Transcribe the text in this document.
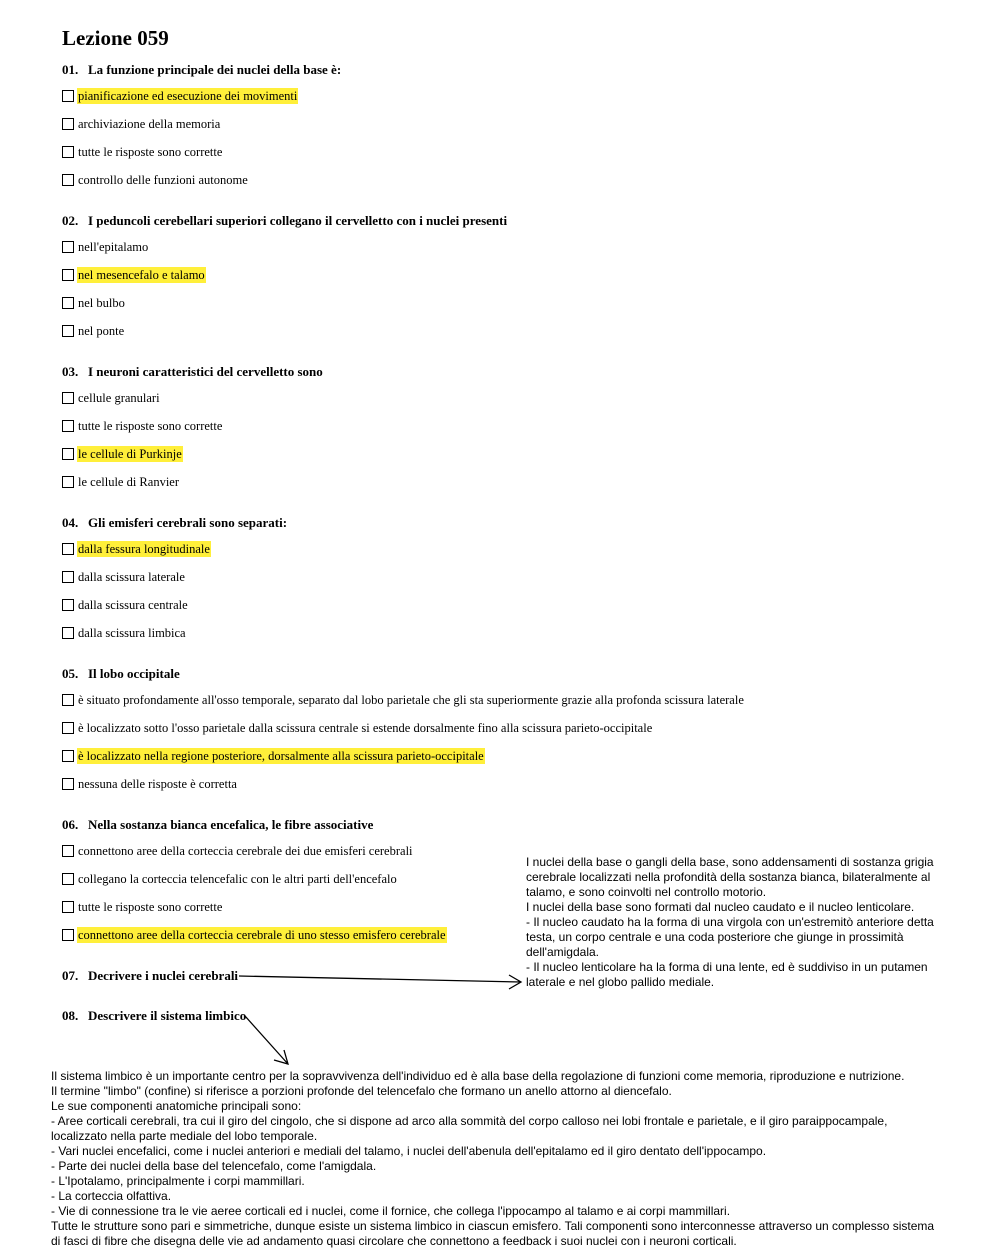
Lezione 059
01. La funzione principale dei nuclei della base è:
pianificazione ed esecuzione dei movimenti
archiviazione della memoria
tutte le risposte sono corrette
controllo delle funzioni autonome
02. I peduncoli cerebellari superiori collegano il cervelletto con i nuclei presenti
nell'epitalamo
nel mesencefalo e talamo
nel bulbo
nel ponte
03. I neuroni caratteristici del cervelletto sono
cellule granulari
tutte le risposte sono corrette
le cellule di Purkinje
le cellule di Ranvier
04. Gli emisferi cerebrali sono separati:
dalla fessura longitudinale
dalla scissura laterale
dalla scissura centrale
dalla scissura limbica
05. Il lobo occipitale
è situato profondamente all'osso temporale, separato dal lobo parietale che gli sta superiormente grazie alla profonda scissura laterale
è localizzato sotto l'osso parietale dalla scissura centrale si estende dorsalmente fino alla scissura parieto-occipitale
è localizzato nella regione posteriore, dorsalmente alla scissura parieto-occipitale
nessuna delle risposte è corretta
06. Nella sostanza bianca encefalica, le fibre associative
connettono aree della corteccia cerebrale dei due emisferi cerebrali
collegano la corteccia telencefalic con le altri parti dell'encefalo
tutte le risposte sono corrette
connettono aree della corteccia cerebrale di uno stesso emisfero cerebrale
07. Decrivere i nuclei cerebrali
08. Descrivere il sistema limbico
I nuclei della base o gangli della base, sono addensamenti di sostanza grigia
cerebrale localizzati nella profondità della sostanza bianca, bilateralmente al
talamo, e sono coinvolti nel controllo motorio.
I nuclei della base sono formati dal nucleo caudato e il nucleo lenticolare.
- Il nucleo caudato ha la forma di una virgola con un'estremitò anteriore detta
testa, un corpo centrale e una coda posteriore che giunge in prossimità
dell'amigdala.
- Il nucleo lenticolare ha la forma di una lente, ed è suddiviso in un putamen
laterale e nel globo pallido mediale.
Il sistema limbico è un importante centro per la sopravvivenza dell'individuo ed è alla base della regolazione di funzioni come memoria, riproduzione e nutrizione.
Il termine "limbo" (confine) si riferisce a porzioni profonde del telencefalo che formano un anello attorno al diencefalo.
Le sue componenti anatomiche principali sono:
- Aree corticali cerebrali, tra cui il giro del cingolo, che si dispone ad arco alla sommità del corpo calloso nei lobi frontale e parietale, e il giro paraippocampale,
localizzato nella parte mediale del lobo temporale.
- Vari nuclei encefalici, come i nuclei anteriori e mediali del talamo, i nuclei dell'abenula dell'epitalamo ed il giro dentato dell'ippocampo.
- Parte dei nuclei della base del telencefalo, come l'amigdala.
- L'Ipotalamo, principalmente i corpi mammillari.
- La corteccia olfattiva.
- Vie di connessione tra le vie aeree corticali ed i nuclei, come il fornice, che collega l'ippocampo al talamo e ai corpi mammillari.
Tutte le strutture sono pari e simmetriche, dunque esiste un sistema limbico in ciascun emisfero. Tali componenti sono interconnesse attraverso un complesso sistema
di fasci di fibre che disegna delle vie ad andamento quasi circolare che connettono a feedback i suoi nuclei con i neuroni corticali.
